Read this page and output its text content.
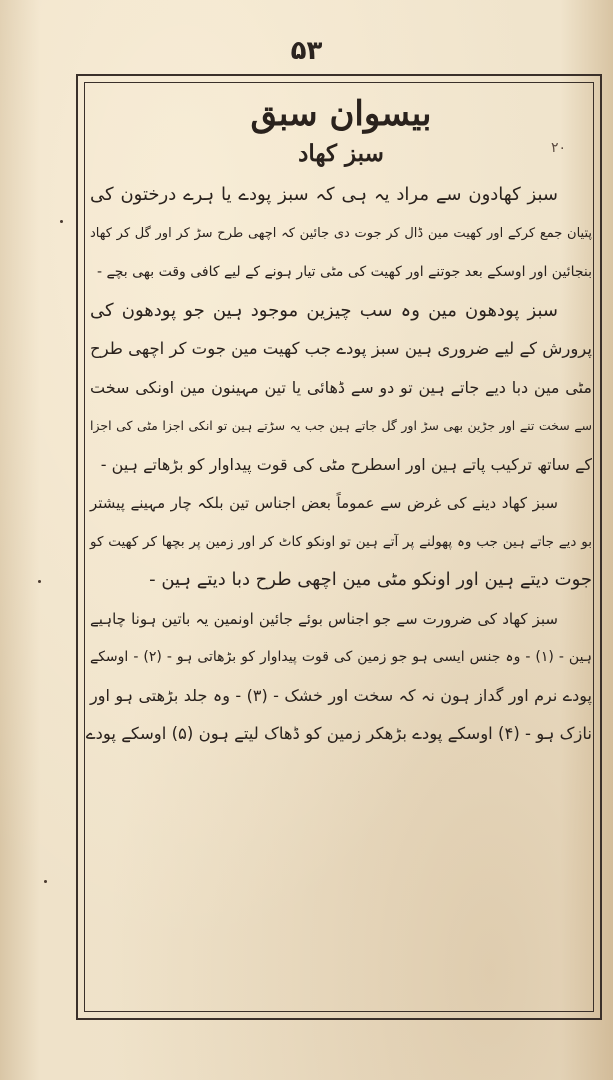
۵۳
۲۰
بیسوان سبق
سبز کھاد
سبز کھادون سے مراد یہ ہی کہ سبز پودے یا ہرے درختون کی
پتیان جمع کرکے اور کھیت مین ڈال کر جوت دی جائین کہ اچھی طرح سڑ کر اور گل کر کھاد
بنجائین اور اوسکے بعد جوتنے اور کھیت کی مٹی تیار ہونے کے لیے کافی وقت بھی بچے -
سبز پودھون مین وہ سب چیزین موجود ہین جو پودھون کی
پرورش کے لیے ضروری ہین سبز پودے جب کھیت مین جوت کر اچھی طرح
مٹی مین دبا دیے جاتے ہین تو دو سے ڈھائی یا تین مہینون مین اونکی سخت
سے سخت تنے اور جڑین بھی سڑ اور گل جاتے ہین جب یہ سڑتے ہین تو انکی اجزا مٹی کی اجزا
کے ساتھ ترکیب پاتے ہین اور اسطرح مٹی کی قوت پیداوار کو بڑھاتے ہین -
سبز کھاد دینے کی غرض سے عموماً بعض اجناس تین بلکہ چار مہینے پیشتر
بو دیے جاتے ہین جب وہ پھولنے پر آتے ہین تو اونکو کاٹ کر اور زمین پر بچھا کر کھیت کو
جوت دیتے ہین اور اونکو مٹی مین اچھی طرح دبا دیتے ہین -
سبز کھاد کی ضرورت سے جو اجناس بوئے جائین اونمین یہ باتین ہونا چاہیے
ہین - (۱) - وہ جنس ایسی ہو جو زمین کی قوت پیداوار کو بڑھاتی ہو - (۲) - اوسکے
پودے نرم اور گداز ہون نہ کہ سخت اور خشک - (۳) - وہ جلد بڑھتی ہو اور
نازک ہو - (۴) اوسکے پودے بڑھکر زمین کو ڈھاک لیتے ہون (۵) اوسکے پودے
